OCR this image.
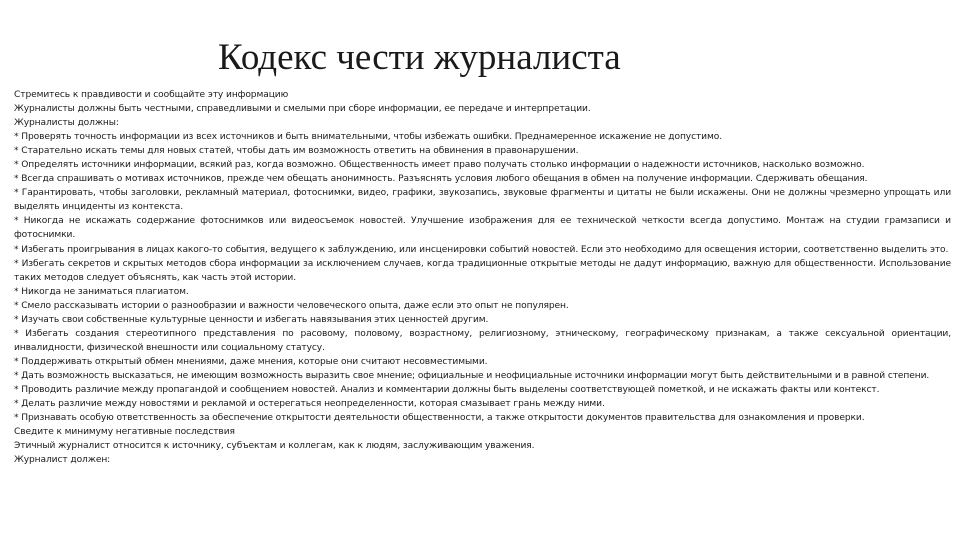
Кодекс чести журналиста

Стремитесь к правдивости и сообщайте эту информацию

Журналисты должны быть честными, справедливыми и смелыми при сборе информации, ее передаче и интерпретации.

Журналисты должны:

* Проверять точность информации из всех источников и быть внимательными, чтобы избежать ошибки. Преднамеренное искажение не допустимо.

* Старательно искать темы для новых статей, чтобы дать им возможность ответить на обвинения в правонарушении.

* Определять источники информации, всякий раз, когда возможно. Общественность имеет право получать столько информации о надежности источников, насколько возможно.

* Всегда спрашивать о мотивах источников, прежде чем обещать анонимность. Разъяснять условия любого обещания в обмен на получение информации. Сдерживать обещания.

* Гарантировать, чтобы заголовки, рекламный материал, фотоснимки, видео, графики, звукозапись, звуковые фрагменты и цитаты не были искажены. Они не должны чрезмерно упрощать или выделять инциденты из контекста.

* Никогда не искажать содержание фотоснимков или видеосъемок новостей. Улучшение изображения для ее технической четкости всегда допустимо. Монтаж на студии грамзаписи и фотоснимки.

* Избегать проигрывания в лицах какого-то события, ведущего к заблуждению, или инсценировки событий новостей. Если это необходимо для освещения истории, соответственно выделить это.

* Избегать секретов и скрытых методов сбора информации за исключением случаев, когда традиционные открытые методы не дадут информацию, важную для общественности. Использование таких методов следует объяснять, как часть этой истории.

* Никогда не заниматься плагиатом.

* Смело рассказывать истории о разнообразии и важности человеческого опыта, даже если это опыт не популярен.

* Изучать свои собственные культурные ценности и избегать навязывания этих ценностей другим.

* Избегать создания стереотипного представления по расовому, половому, возрастному, религиозному, этническому, географическому признакам, а также сексуальной ориентации, инвалидности, физической внешности или социальному статусу.

* Поддерживать открытый обмен мнениями, даже мнения, которые они считают несовместимыми.

* Дать возможность высказаться, не имеющим возможность выразить свое мнение; официальные и неофициальные источники информации могут быть действительными и в равной степени.

* Проводить различие между пропагандой и сообщением новостей. Анализ и комментарии должны быть выделены соответствующей пометкой, и не искажать факты или контекст.

* Делать различие между новостями и рекламой и остерегаться неопределенности, которая смазывает грань между ними.

* Признавать особую ответственность за обеспечение открытости деятельности общественности, а также открытости документов правительства для ознакомления и проверки.

Сведите к минимуму негативные последствия

Этичный журналист относится к источнику, субъектам и коллегам, как к людям, заслуживающим уважения.

Журналист должен:
